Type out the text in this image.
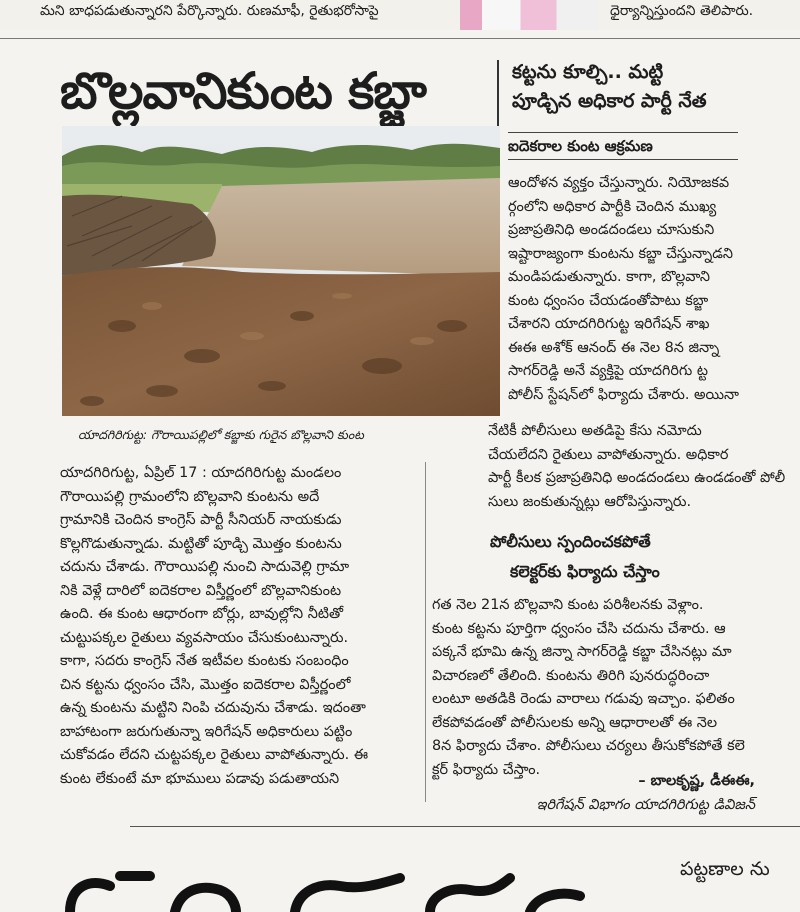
మని బాధపడుతున్నారని పేర్కొన్నారు. రుణమాఫీ, రైతుభరోసాపై	ధైర్యాన్నిస్తుందని తెలిపారు.
బొల్లవానికుంట కబ్జా	కట్టను కూల్చి.. మట్టి
పూడ్చిన అధికార పార్టీ నేత
ఐదెకరాల కుంట ఆక్రమణ
యాదగిరిగుట్ట: గౌరాయిపల్లిలో కబ్జాకు గురైన బొల్లవాని కుంట
ఆందోళన వ్యక్తం చేస్తున్నారు. నియోజకవ
ర్గంలోని అధికార పార్టీకి చెందిన ముఖ్య
ప్రజాప్రతినిధి అండదండలు చూసుకుని
ఇష్టారాజ్యంగా కుంటను కబ్జా చేస్తున్నాడని
మండిపడుతున్నారు. కాగా, బొల్లవాని
కుంట ధ్వంసం చేయడంతోపాటు కబ్జా
చేశారని యాదగిరిగుట్ట ఇరిగేషన్ శాఖ
ఈఈ అశోక్ ఆనంద్ ఈ నెల 8న జిన్నా
సాగర్‌రెడ్డి అనే వ్యక్తిపై యాదగిరిగు ట్ట
పోలీస్ స్టేషన్‌లో ఫిర్యాదు చేశారు. అయినా
నేటికీ పోలీసులు అతడిపై కేసు నమోదు
చేయలేదని రైతులు వాపోతున్నారు. అధికార
పార్టీ కీలక ప్రజాప్రతినిధి అండదండలు ఉండడంతో పోలీ
సులు జంకుతున్నట్లు ఆరోపిస్తున్నారు.
యాదగిరిగుట్ట, ఏప్రిల్ 17 : యాదగిరిగుట్ట మండలం
గౌరాయిపల్లి గ్రామంలోని బొల్లవాని కుంటను అదే
గ్రామానికి చెందిన కాంగ్రెస్ పార్టీ సీనియర్ నాయకుడు
కొల్లగొడుతున్నాడు. మట్టితో పూడ్చి మొత్తం కుంటను
చదును చేశాడు. గౌరాయిపల్లి నుంచి సాదువెల్లి గ్రామా
నికి వెళ్లే దారిలో ఐదెకరాల విస్తీర్ణంలో బొల్లవానికుంట
ఉంది. ఈ కుంట ఆధారంగా బోర్లు, బావుల్లోని నీటితో
చుట్టుపక్కల రైతులు వ్యవసాయం చేసుకుంటున్నారు.
కాగా, సదరు కాంగ్రెస్ నేత ఇటీవల కుంటకు సంబంధిం
చిన కట్టను ధ్వంసం చేసి, మొత్తం ఐదెకరాల విస్తీర్ణంలో
ఉన్న కుంటను మట్టిని నింపి చదువును చేశాడు. ఇదంతా
బాహాటంగా జరుగుతున్నా ఇరిగేషన్ అధికారులు పట్టిం
చుకోవడం లేదని చుట్టపక్కల రైతులు వాపోతున్నారు. ఈ
కుంట లేకుంటే మా భూములు పడావు పడుతాయని
పోలీసులు స్పందించకపోతే
కలెక్టర్‌కు ఫిర్యాదు చేస్తాం
గత నెల 21న బొల్లవాని కుంట పరిశీలనకు వెళ్లాం.
కుంట కట్టను పూర్తిగా ధ్వంసం చేసి చదును చేశారు. ఆ
పక్కనే భూమి ఉన్న జిన్నా సాగర్‌రెడ్డి కబ్జా చేసినట్లు మా
విచారణలో తేలింది. కుంటను తిరిగి పునరుద్ధరించా
లంటూ అతడికి రెండు వారాలు గడువు ఇచ్చాం. ఫలితం
లేకపోవడంతో పోలీసులకు అన్ని ఆధారాలతో ఈ నెల
8న ఫిర్యాదు చేశాం. పోలీసులు చర్యలు తీసుకోకపోతే కలె
క్టర్ ఫిర్యాదు చేస్తాం.
– బాలకృష్ణ, డీఈఈ,
ఇరిగేషన్ విభాగం యాదగిరిగుట్ట డివిజన్
పట్టణాల ను
